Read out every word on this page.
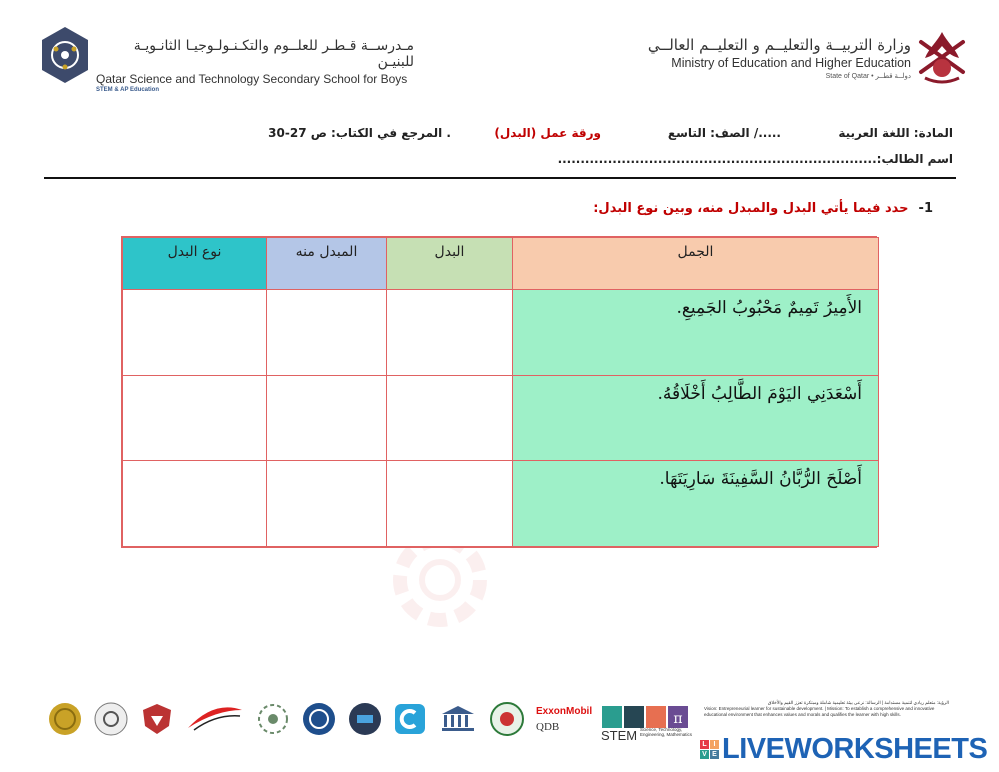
وزارة التربيــة والتعليــم و التعليــم العالــي
Ministry of Education and Higher Education
State of Qatar • دولــة قطــر
مـدرســة قـطـر للعلــوم والتكـنـولـوجيـا الثانـويـة للبنيـن
Qatar Science and Technology Secondary School for Boys
STEM & AP Education
المادة: اللغة العربية
الصف: التاسع /.....
ورقة عمل (البدل)
المرجع في الكتاب: ص 27-30 .
اسم الطالب:......................................................................
1-حدد فيما يأتي البدل والمبدل منه، وبين نوع البدل:
الجمل	البدل	المبدل منه	نوع البدل
الأَمِيرُ تَمِيمٌ مَحْبُوبُ الجَمِيعِ.			
أَسْعَدَنِي اليَوْمَ الطَّالِبُ أَخْلَاقُهُ.			
أَصْلَحَ الرُّبَّانُ السَّفِينَةَ سَارِيَتَهَا.			
ExxonMobil
QDB	π
STEM Science, Technology, Engineering, Mathematics
الرؤية: متعلم ريادي لتنمية مستدامة | الرسالة: نرعى بيئة تعليمية شاملة ومبتكرة تعزز القيم والأخلاق
Vision: Entrepreneurial learner for sustainable development. | Mission: To establish a comprehensive and innovative educational environment that enhances values and morals and qualifies the learner with high skills.
L I
V E LIVEWORKSHEETS
